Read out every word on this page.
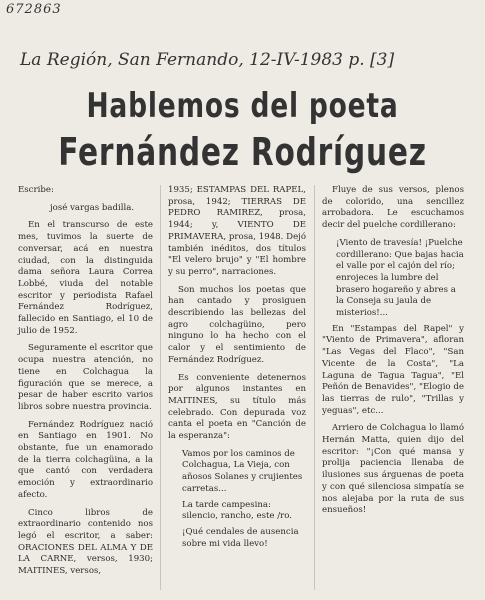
672863
La Región, San Fernando, 12-IV-1983 p. [3]
Hablemos del poeta
Fernández Rodríguez

Escribe:

josé vargas badilla.

En el transcurso de este mes, tuvimos la suerte de conversar, acá en nuestra ciudad, con la distinguida dama señora Laura Correa Lobbé, viuda del notable escritor y periodista Rafael Fernández Rodríguez, fallecido en Santiago, el 10 de julio de 1952.

Seguramente el escritor que ocupa nuestra atención, no tiene en Colchagua la figuración que se merece, a pesar de haber escrito varios libros sobre nuestra provincia.

Fernández Rodríguez nació en Santiago en 1901. No obstante, fue un enamorado de la tierra colchagüina, a la que cantó con verdadera emoción y extraordinario afecto.

Cinco libros de extraordinario contenido nos legó el escritor, a saber: ORACIONES DEL ALMA Y DE LA CARNE, versos, 1930; MAITINES, versos,

1935; ESTAMPAS DEL RAPEL, prosa, 1942; TIERRAS DE PEDRO RAMIREZ, prosa, 1944; y, VIENTO DE PRIMAVERA, prosa, 1948. Dejó también inéditos, dos títulos "El velero brujo" y "El hombre y su perro", narraciones.

Son muchos los poetas que han cantado y prosiguen describiendo las bellezas del agro colchagüino, pero ninguno lo ha hecho con el calor y el sentimiento de Fernández Rodríguez.

Es conveniente detenernos por algunos instantes en MAITINES, su título más celebrado. Con depurada voz canta el poeta en "Canción de la esperanza":

Vamos por los caminos de Colchagua, La Vieja, con añosos Solanes y crujientes carretas...

La tarde campesina: silencio, rancho, este /ro.

¡Qué cendales de ausencia sobre mi vida llevo!

Fluye de sus versos, plenos de colorido, una sencillez arrobadora. Le escuchamos decir del puelche cordillerano:

¡Viento de travesía! ¡Puelche cordillerano: Que bajas hacia el valle por el cajón del río; enrojeces la lumbre del brasero hogareño y abres a la Conseja su jaula de misterios!...

En "Estampas del Rapel" y "Viento de Primavera", afloran "Las Vegas del Flaco", "San Vicente de la Costa", "La Laguna de Tagua Tagua", "El Peñón de Benavides", "Elogio de las tierras de rulo", "Trillas y yeguas", etc...

Arriero de Colchagua lo llamó Hernán Matta, quien dijo del escritor: "¡Con qué mansa y prolija paciencia llenaba de ilusiones sus árguenas de poeta y con qué silenciosa simpatía se nos alejaba por la ruta de sus ensueños!
